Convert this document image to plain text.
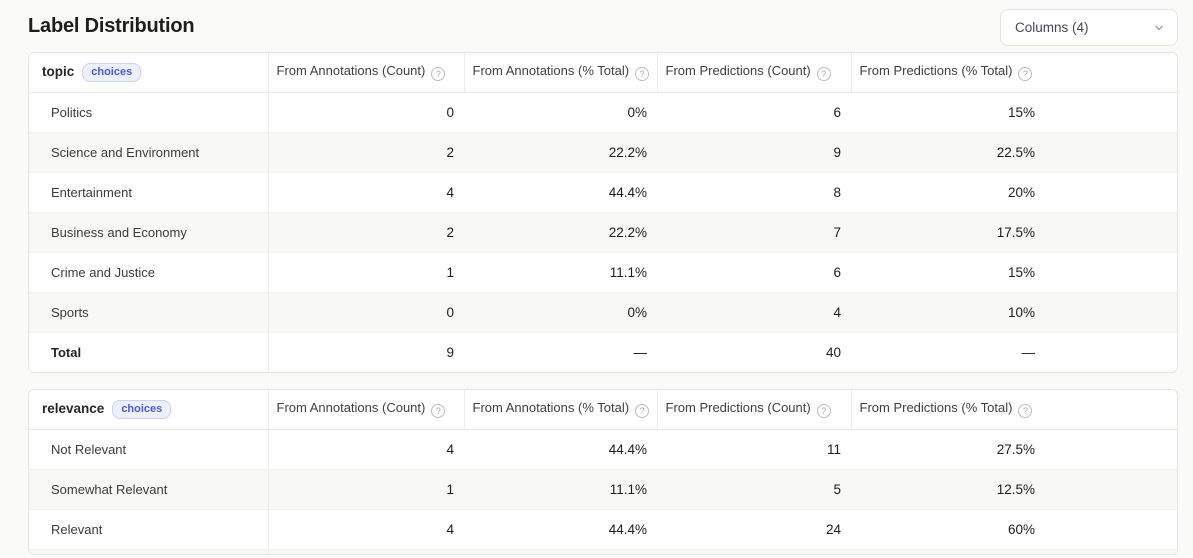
Label Distribution	Columns (4)
topic choices	From Annotations (Count) ?	From Annotations (% Total) ?	From Predictions (Count) ?	From Predictions (% Total) ?	
Politics	0	0%	6	15%	
Science and Environment	2	22.2%	9	22.5%	
Entertainment	4	44.4%	8	20%	
Business and Economy	2	22.2%	7	17.5%	
Crime and Justice	1	11.1%	6	15%	
Sports	0	0%	4	10%	
Total	9	—	40	—	
relevance choices	From Annotations (Count) ?	From Annotations (% Total) ?	From Predictions (Count) ?	From Predictions (% Total) ?	
Not Relevant	4	44.4%	11	27.5%	
Somewhat Relevant	1	11.1%	5	12.5%	
Relevant	4	44.4%	24	60%	
